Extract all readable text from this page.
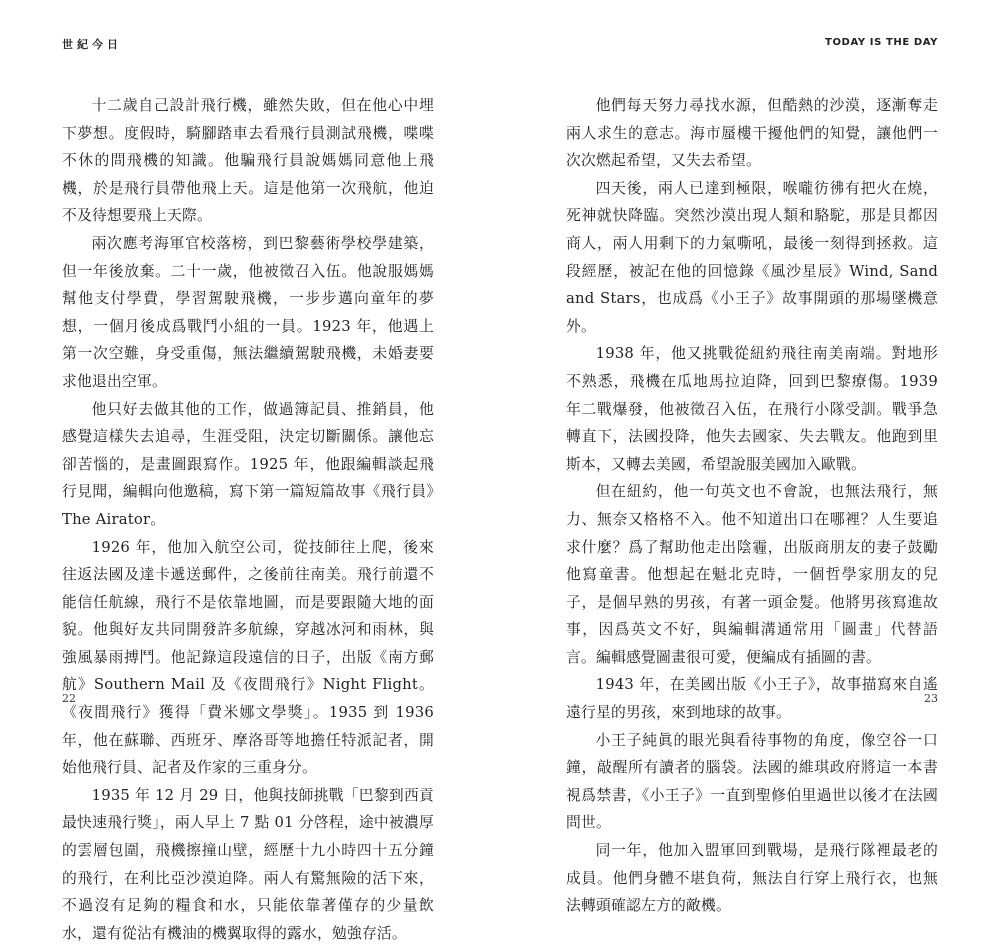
世紀今日	TODAY IS THE DAY

十二歲自己設計飛行機，雖然失敗，但在他心中埋下夢想。度假時，騎腳踏車去看飛行員測試飛機，喋喋不休的問飛機的知識。他騙飛行員說媽媽同意他上飛機，於是飛行員帶他飛上天。這是他第一次飛航，他迫不及待想要飛上天際。

兩次應考海軍官校落榜，到巴黎藝術學校學建築，但一年後放棄。二十一歲，他被徵召入伍。他說服媽媽幫他支付學費，學習駕駛飛機，一步步邁向童年的夢想，一個月後成爲戰鬥小組的一員。1923 年，他遇上第一次空難，身受重傷，無法繼續駕駛飛機，未婚妻要求他退出空軍。

他只好去做其他的工作，做過簿記員、推銷員，他感覺這樣失去追尋，生涯受阻，決定切斷關係。讓他忘卻苦惱的，是畫圖跟寫作。1925 年，他跟編輯談起飛行見聞，編輯向他邀稿，寫下第一篇短篇故事《飛行員》The Airator。

1926 年，他加入航空公司，從技師往上爬，後來往返法國及達卡遞送郵件，之後前往南美。飛行前還不能信任航線，飛行不是依靠地圖，而是要跟隨大地的面貌。他與好友共同開發許多航線，穿越冰河和雨林，與強風暴雨搏鬥。他記錄這段遠信的日子，出版《南方郵航》Southern Mail 及《夜間飛行》Night Flight。《夜間飛行》獲得「費米娜文學獎」。1935 到 1936 年，他在蘇聯、西班牙、摩洛哥等地擔任特派記者，開始他飛行員、記者及作家的三重身分。

1935 年 12 月 29 日，他與技師挑戰「巴黎到西貢最快速飛行獎」，兩人早上 7 點 01 分啓程，途中被濃厚的雲層包圍，飛機擦撞山壁，經歷十九小時四十五分鐘的飛行，在利比亞沙漠迫降。兩人有驚無險的活下來，不過沒有足夠的糧食和水，只能依靠著僅存的少量飲水，還有從沾有機油的機翼取得的露水，勉強存活。

他們每天努力尋找水源，但酷熱的沙漠，逐漸奪走兩人求生的意志。海市蜃樓干擾他們的知覺，讓他們一次次燃起希望，又失去希望。

四天後，兩人已達到極限，喉嚨彷彿有把火在燒，死神就快降臨。突然沙漠出現人類和駱駝，那是貝都因商人，兩人用剩下的力氣嘶吼，最後一刻得到拯救。這段經歷，被記在他的回憶錄《風沙星辰》Wind, Sand and Stars，也成爲《小王子》故事開頭的那場墜機意外。

1938 年，他又挑戰從紐約飛往南美南端。對地形不熟悉，飛機在瓜地馬拉迫降，回到巴黎療傷。1939 年二戰爆發，他被徵召入伍，在飛行小隊受訓。戰爭急轉直下，法國投降，他失去國家、失去戰友。他跑到里斯本，又轉去美國，希望說服美國加入歐戰。

但在紐約，他一句英文也不會說，也無法飛行，無力、無奈又格格不入。他不知道出口在哪裡？人生要追求什麼？爲了幫助他走出陰霾，出版商朋友的妻子鼓勵他寫童書。他想起在魁北克時，一個哲學家朋友的兒子，是個早熟的男孩，有著一頭金髮。他將男孩寫進故事，因爲英文不好，與編輯溝通常用「圖畫」代替語言。編輯感覺圖畫很可愛，便編成有插圖的書。

1943 年，在美國出版《小王子》，故事描寫來自遙遠行星的男孩，來到地球的故事。

小王子純眞的眼光與看待事物的角度，像空谷一口鐘，敲醒所有讀者的腦袋。法國的維琪政府將這一本書視爲禁書，《小王子》一直到聖修伯里過世以後才在法國問世。

同一年，他加入盟軍回到戰場，是飛行隊裡最老的成員。他們身體不堪負荷，無法自行穿上飛行衣，也無法轉頭確認左方的敵機。

22	23
